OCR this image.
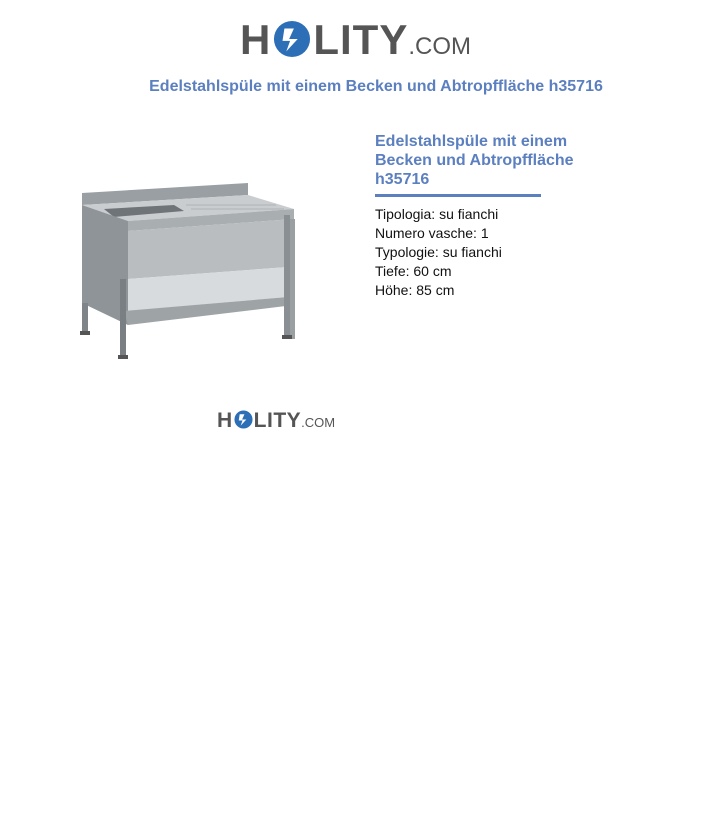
H LITY .COM
Edelstahlspüle mit einem Becken und Abtropffläche h35716
Edelstahlspüle mit einem Becken und Abtropffläche h35716
Tipologia: su fianchi
Numero vasche: 1
Typologie: su fianchi
Tiefe: 60 cm
Höhe: 85 cm
H LITY .COM
